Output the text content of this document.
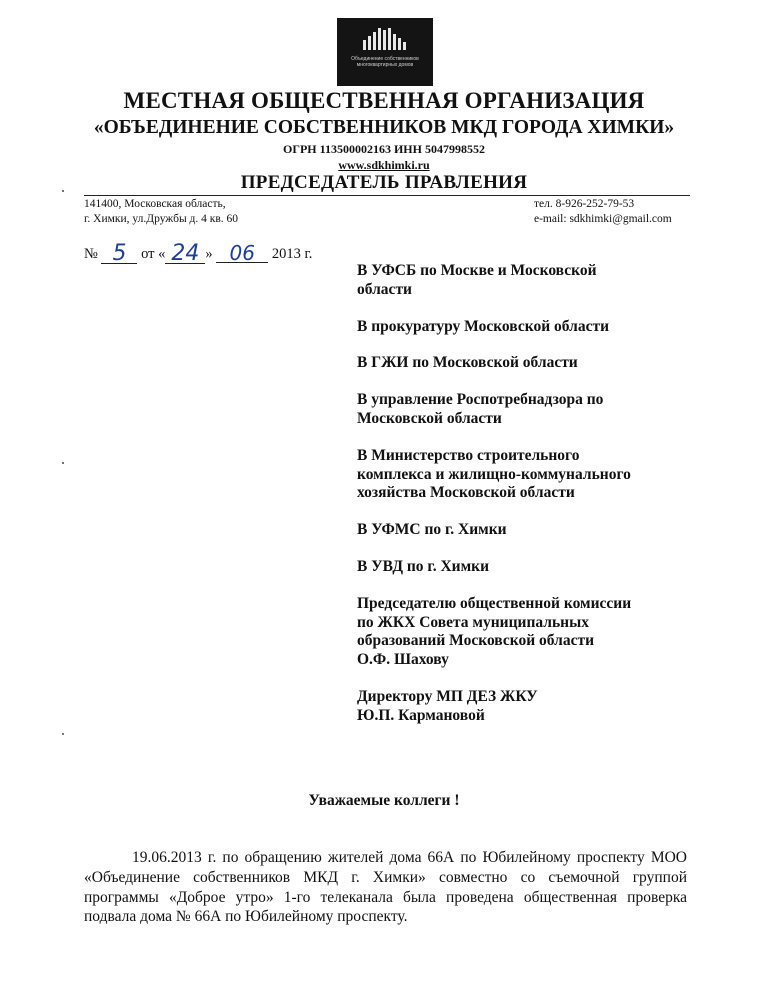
Объединение собственников многоквартирных домов
МЕСТНАЯ ОБЩЕСТВЕННАЯ ОРГАНИЗАЦИЯ
«ОБЪЕДИНЕНИЕ СОБСТВЕННИКОВ МКД ГОРОДА ХИМКИ»
ОГРН 113500002163 ИНН 5047998552
www.sdkhimki.ru
ПРЕДСЕДАТЕЛЬ ПРАВЛЕНИЯ
141400, Московская область,
г. Химки, ул.Дружбы д. 4 кв. 60
тел. 8-926-252-79-53
e-mail: sdkhimki@gmail.com
№ 5 от « 24 » 06 2013 г.
В УФСБ по Москве и Московской
области
В прокуратуру Московской области
В ГЖИ по Московской области
В управление Роспотребнадзора по
Московской области
В Министерство строительного
комплекса и жилищно-коммунального
хозяйства Московской области
В УФМС по г. Химки
В УВД по г. Химки
Председателю общественной комиссии
по ЖКХ Совета муниципальных
образований Московской области
О.Ф. Шахову
Директору МП ДЕЗ ЖКУ
Ю.П. Кармановой
Уважаемые коллеги !
19.06.2013 г. по обращению жителей дома 66А по Юбилейному проспекту МОО «Объединение собственников МКД г. Химки» совместно со съемочной группой программы «Доброе утро» 1-го телеканала была проведена общественная проверка подвала дома № 66А по Юбилейному проспекту.
